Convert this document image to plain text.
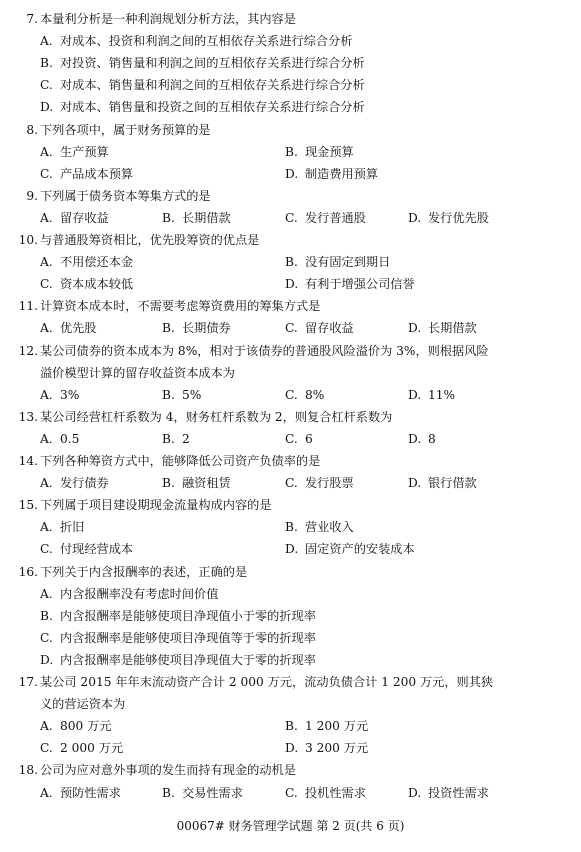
7. 本量利分析是一种利润规划分析方法，其内容是
A. 对成本、投资和利润之间的互相依存关系进行综合分析
B. 对投资、销售量和利润之间的互相依存关系进行综合分析
C. 对成本、销售量和利润之间的互相依存关系进行综合分析
D. 对成本、销售量和投资之间的互相依存关系进行综合分析
8. 下列各项中，属于财务预算的是
A. 生产预算	B. 现金预算
C. 产品成本预算	D. 制造费用预算
9. 下列属于债务资本筹集方式的是
A. 留存收益	B. 长期借款	C. 发行普通股	D. 发行优先股
10. 与普通股筹资相比，优先股筹资的优点是
A. 不用偿还本金	B. 没有固定到期日
C. 资本成本较低	D. 有利于增强公司信誉
11. 计算资本成本时，不需要考虑筹资费用的筹集方式是
A. 优先股	B. 长期债券	C. 留存收益	D. 长期借款
12. 某公司债券的资本成本为 8%，相对于该债券的普通股风险溢价为 3%，则根据风险
溢价模型计算的留存收益资本成本为
A. 3%	B. 5%	C. 8%	D. 11%
13. 某公司经营杠杆系数为 4，财务杠杆系数为 2，则复合杠杆系数为
A. 0.5	B. 2	C. 6	D. 8
14. 下列各种筹资方式中，能够降低公司资产负债率的是
A. 发行债券	B. 融资租赁	C. 发行股票	D. 银行借款
15. 下列属于项目建设期现金流量构成内容的是
A. 折旧	B. 营业收入
C. 付现经营成本	D. 固定资产的安装成本
16. 下列关于内含报酬率的表述，正确的是
A. 内含报酬率没有考虑时间价值
B. 内含报酬率是能够使项目净现值小于零的折现率
C. 内含报酬率是能够使项目净现值等于零的折现率
D. 内含报酬率是能够使项目净现值大于零的折现率
17. 某公司 2015 年年末流动资产合计 2 000 万元，流动负债合计 1 200 万元，则其狭
义的营运资本为
A. 800 万元	B. 1 200 万元
C. 2 000 万元	D. 3 200 万元
18. 公司为应对意外事项的发生而持有现金的动机是
A. 预防性需求	B. 交易性需求	C. 投机性需求	D. 投资性需求
00067# 财务管理学试题 第 2 页(共 6 页)
